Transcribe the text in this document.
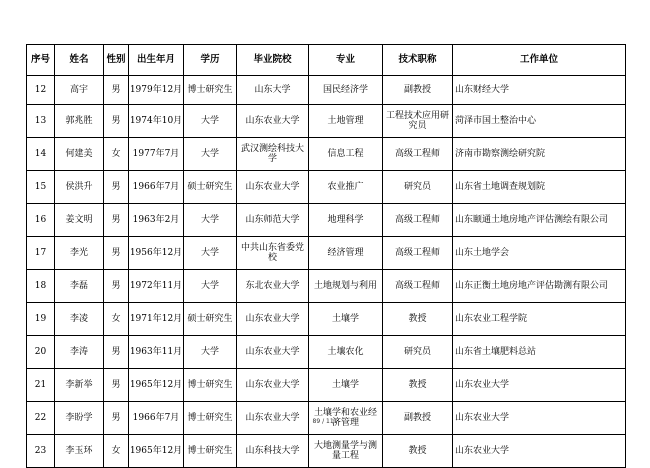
序号	姓名	性别	出生年月	学历	毕业院校	专业	技术职称	工作单位
12	高宇	男	1979年12月	博士研究生	山东大学	国民经济学	副教授	山东财经大学
13	郭兆胜	男	1974年10月	大学	山东农业大学	土地管理	工程技术应用研究员	菏泽市国土整治中心
14	何建美	女	1977年7月	大学	武汉测绘科技大学	信息工程	高级工程师	济南市勘察测绘研究院
15	侯洪升	男	1966年7月	硕士研究生	山东农业大学	农业推广	研究员	山东省土地调查规划院
16	姜文明	男	1963年2月	大学	山东师范大学	地理科学	高级工程师	山东颐通土地房地产评估测绘有限公司
17	李光	男	1956年12月	大学	中共山东省委党校	经济管理	高级工程师	山东土地学会
18	李磊	男	1972年11月	大学	东北农业大学	土地规划与利用	高级工程师	山东正衡土地房地产评估勘测有限公司
19	李凌	女	1971年12月	硕士研究生	山东农业大学	土壤学	教授	山东农业工程学院
20	李涛	男	1963年11月	大学	山东农业大学	土壤农化	研究员	山东省土壤肥料总站
21	李新举	男	1965年12月	博士研究生	山东农业大学	土壤学	教授	山东农业大学
22	李盼学	男	1966年7月	博士研究生	山东农业大学	土壤学和农业经济管理	副教授	山东农业大学
23	李玉环	女	1965年12月	博士研究生	山东科技大学	大地测量学与测量工程	教授	山东农业大学
89 / 111
